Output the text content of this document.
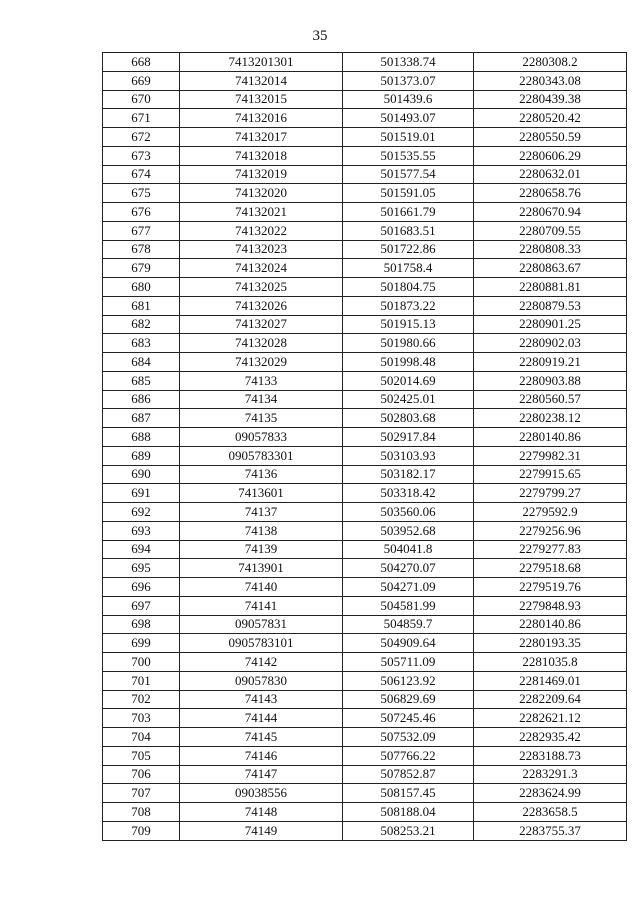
35
668	7413201301	501338.74	2280308.2
669	74132014	501373.07	2280343.08
670	74132015	501439.6	2280439.38
671	74132016	501493.07	2280520.42
672	74132017	501519.01	2280550.59
673	74132018	501535.55	2280606.29
674	74132019	501577.54	2280632.01
675	74132020	501591.05	2280658.76
676	74132021	501661.79	2280670.94
677	74132022	501683.51	2280709.55
678	74132023	501722.86	2280808.33
679	74132024	501758.4	2280863.67
680	74132025	501804.75	2280881.81
681	74132026	501873.22	2280879.53
682	74132027	501915.13	2280901.25
683	74132028	501980.66	2280902.03
684	74132029	501998.48	2280919.21
685	74133	502014.69	2280903.88
686	74134	502425.01	2280560.57
687	74135	502803.68	2280238.12
688	09057833	502917.84	2280140.86
689	0905783301	503103.93	2279982.31
690	74136	503182.17	2279915.65
691	7413601	503318.42	2279799.27
692	74137	503560.06	2279592.9
693	74138	503952.68	2279256.96
694	74139	504041.8	2279277.83
695	7413901	504270.07	2279518.68
696	74140	504271.09	2279519.76
697	74141	504581.99	2279848.93
698	09057831	504859.7	2280140.86
699	0905783101	504909.64	2280193.35
700	74142	505711.09	2281035.8
701	09057830	506123.92	2281469.01
702	74143	506829.69	2282209.64
703	74144	507245.46	2282621.12
704	74145	507532.09	2282935.42
705	74146	507766.22	2283188.73
706	74147	507852.87	2283291.3
707	09038556	508157.45	2283624.99
708	74148	508188.04	2283658.5
709	74149	508253.21	2283755.37
